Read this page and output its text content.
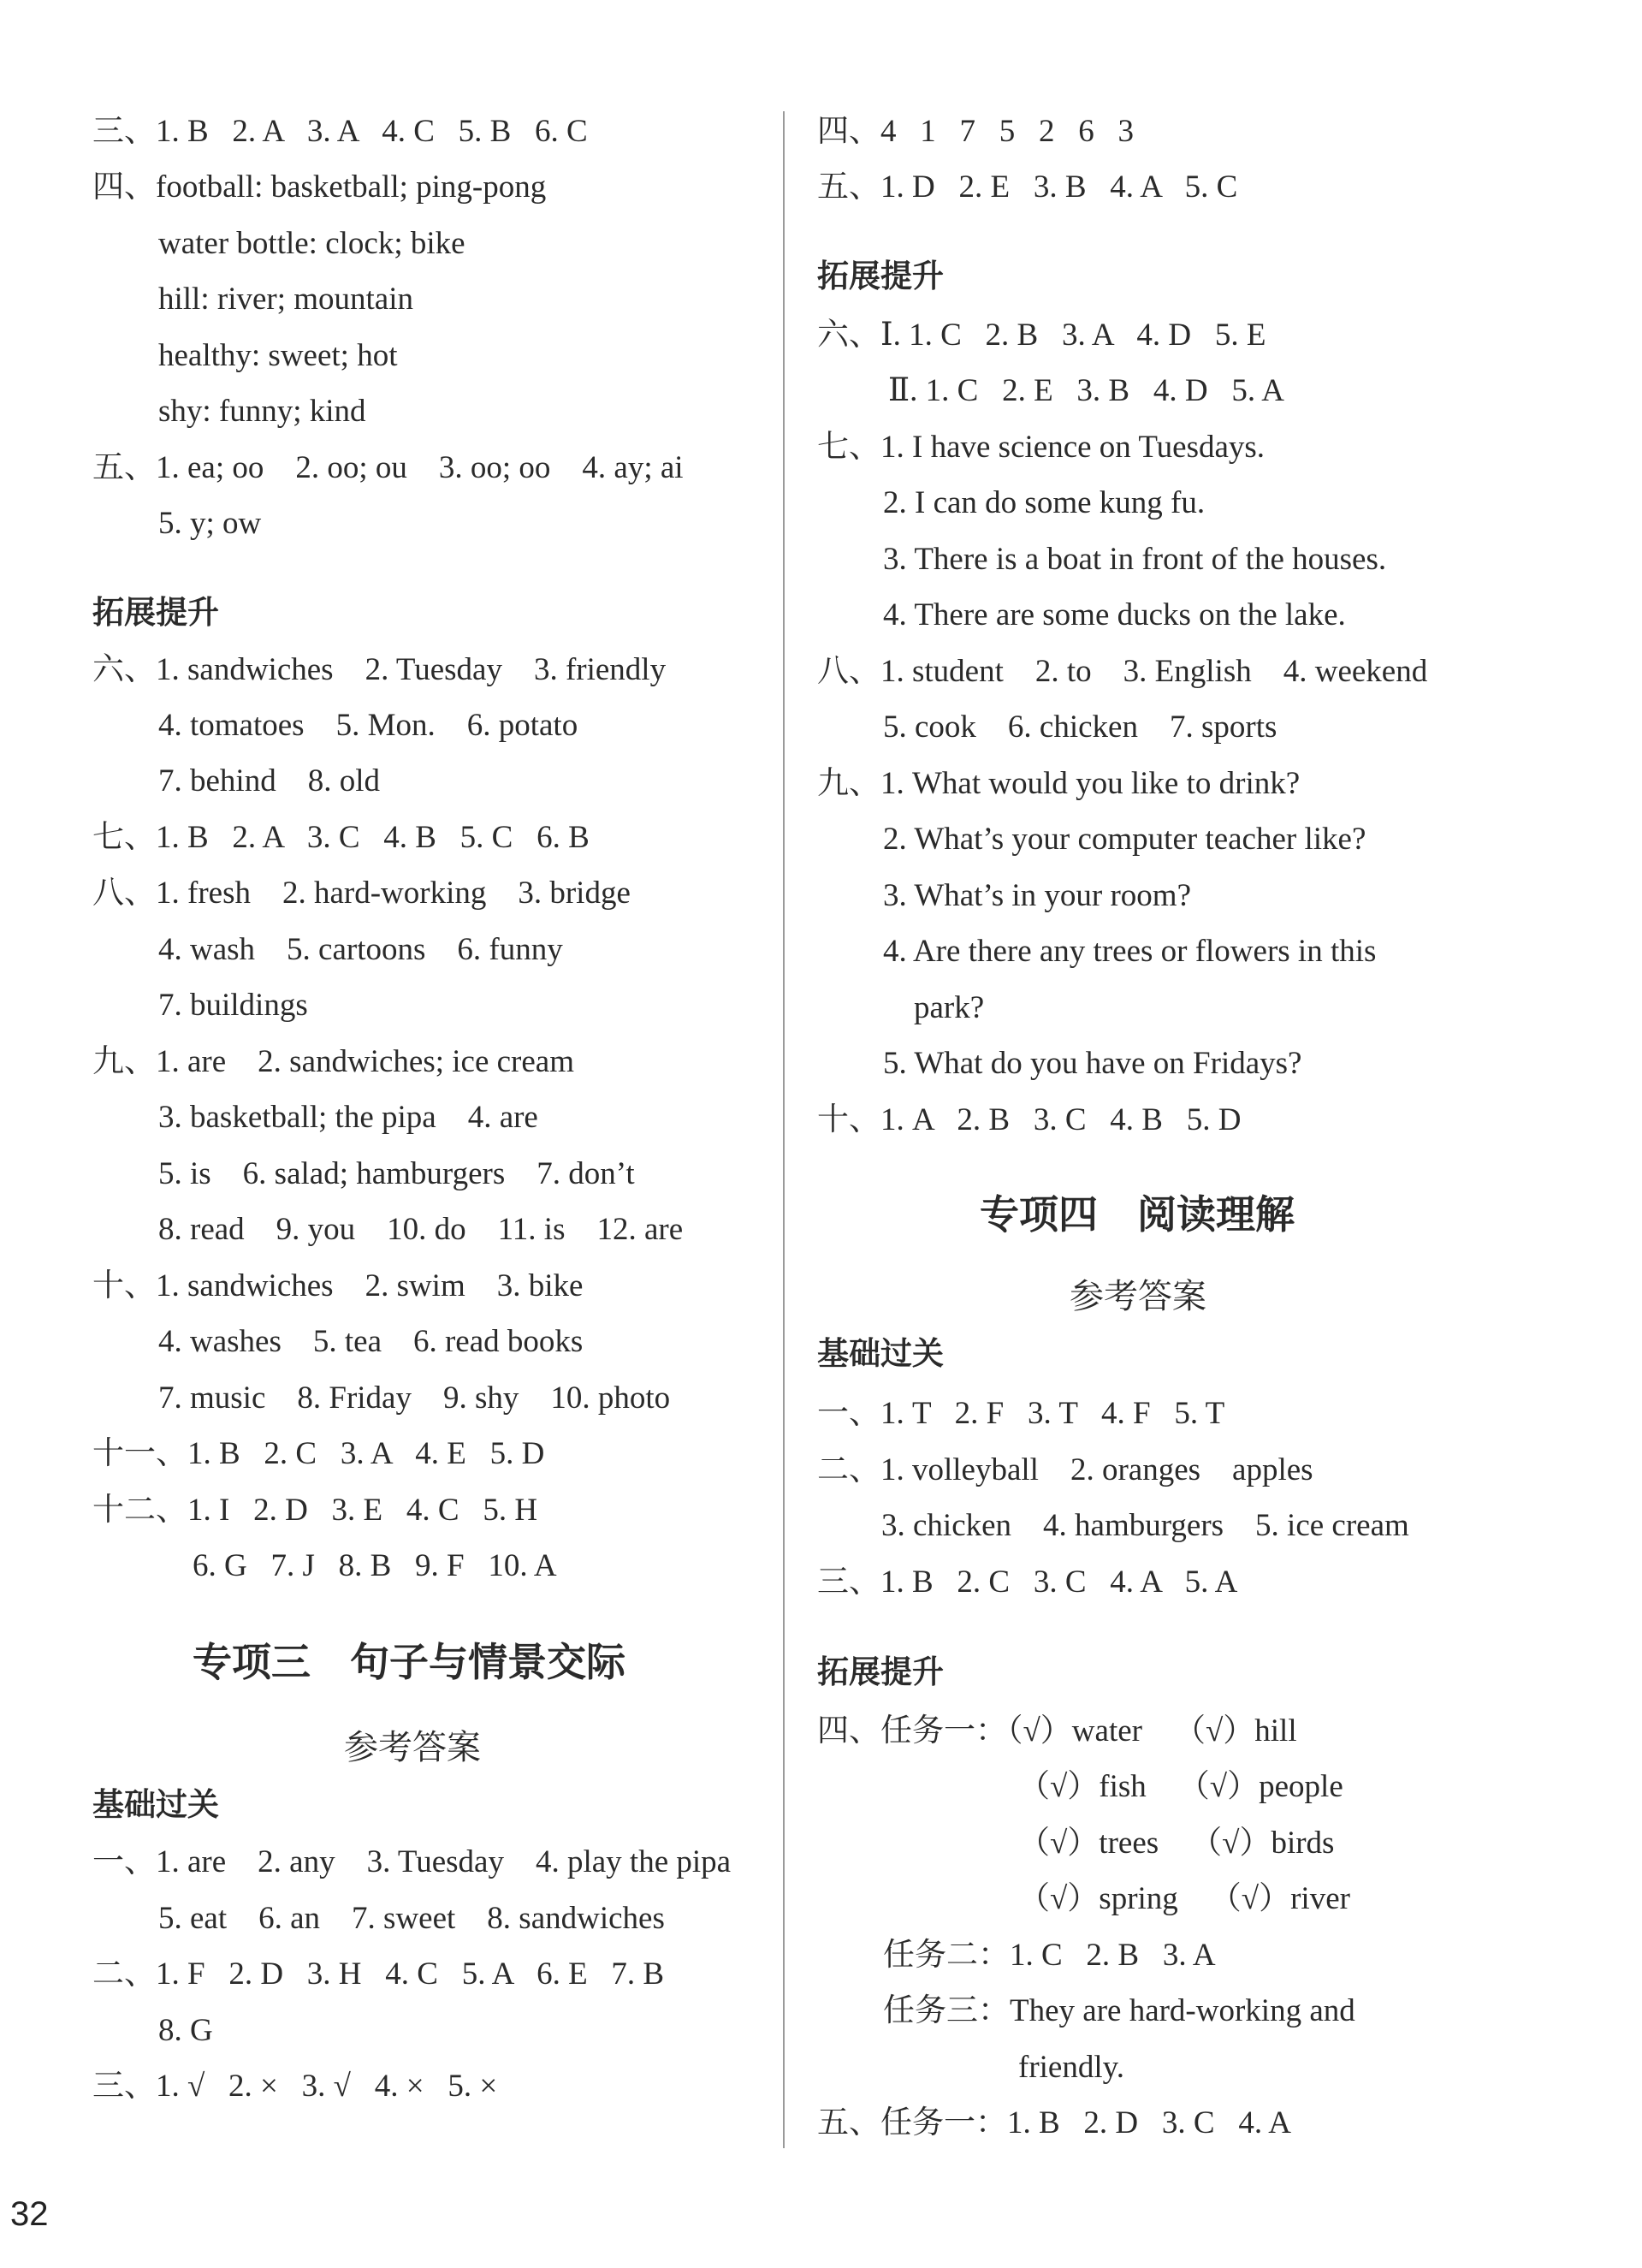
三、1. B   2. A   3. A   4. C   5. B   6. C
四、football: basketball; ping-pong
water bottle: clock; bike
hill: river; mountain
healthy: sweet; hot
shy: funny; kind
五、1. ea; oo    2. oo; ou    3. oo; oo    4. ay; ai
5. y; ow
拓展提升
六、1. sandwiches    2. Tuesday    3. friendly
4. tomatoes    5. Mon.    6. potato
7. behind    8. old
七、1. B   2. A   3. C   4. B   5. C   6. B
八、1. fresh    2. hard-working    3. bridge
4. wash    5. cartoons    6. funny
7. buildings
九、1. are    2. sandwiches; ice cream
3. basketball; the pipa    4. are
5. is    6. salad; hamburgers    7. don’t
8. read    9. you    10. do    11. is    12. are
十、1. sandwiches    2. swim    3. bike
4. washes    5. tea    6. read books
7. music    8. Friday    9. shy    10. photo
十一、1. B   2. C   3. A   4. E   5. D
十二、1. I   2. D   3. E   4. C   5. H
6. G   7. J   8. B   9. F   10. A
专项三    句子与情景交际
参考答案
基础过关
一、1. are    2. any    3. Tuesday    4. play the pipa
5. eat    6. an    7. sweet    8. sandwiches
二、1. F   2. D   3. H   4. C   5. A   6. E   7. B
8. G
三、1. √   2. ×   3. √   4. ×   5. ×
四、4   1   7   5   2   6   3
五、1. D   2. E   3. B   4. A   5. C
拓展提升
六、Ⅰ. 1. C   2. B   3. A   4. D   5. E
Ⅱ. 1. C   2. E   3. B   4. D   5. A
七、1. I have science on Tuesdays.
2. I can do some kung fu.
3. There is a boat in front of the houses.
4. There are some ducks on the lake.
八、1. student    2. to    3. English    4. weekend
5. cook    6. chicken    7. sports
九、1. What would you like to drink?
2. What’s your computer teacher like?
3. What’s in your room?
4. Are there any trees or flowers in this
park?
5. What do you have on Fridays?
十、1. A   2. B   3. C   4. B   5. D
专项四    阅读理解
参考答案
基础过关
一、1. T   2. F   3. T   4. F   5. T
二、1. volleyball    2. oranges    apples
3. chicken    4. hamburgers    5. ice cream
三、1. B   2. C   3. C   4. A   5. A
拓展提升
四、任务一：（√）water    （√）hill
（√）fish    （√）people
（√）trees    （√）birds
（√）spring    （√）river
任务二：1. C   2. B   3. A
任务三：They are hard-working and
friendly.
五、任务一：1. B   2. D   3. C   4. A
32
